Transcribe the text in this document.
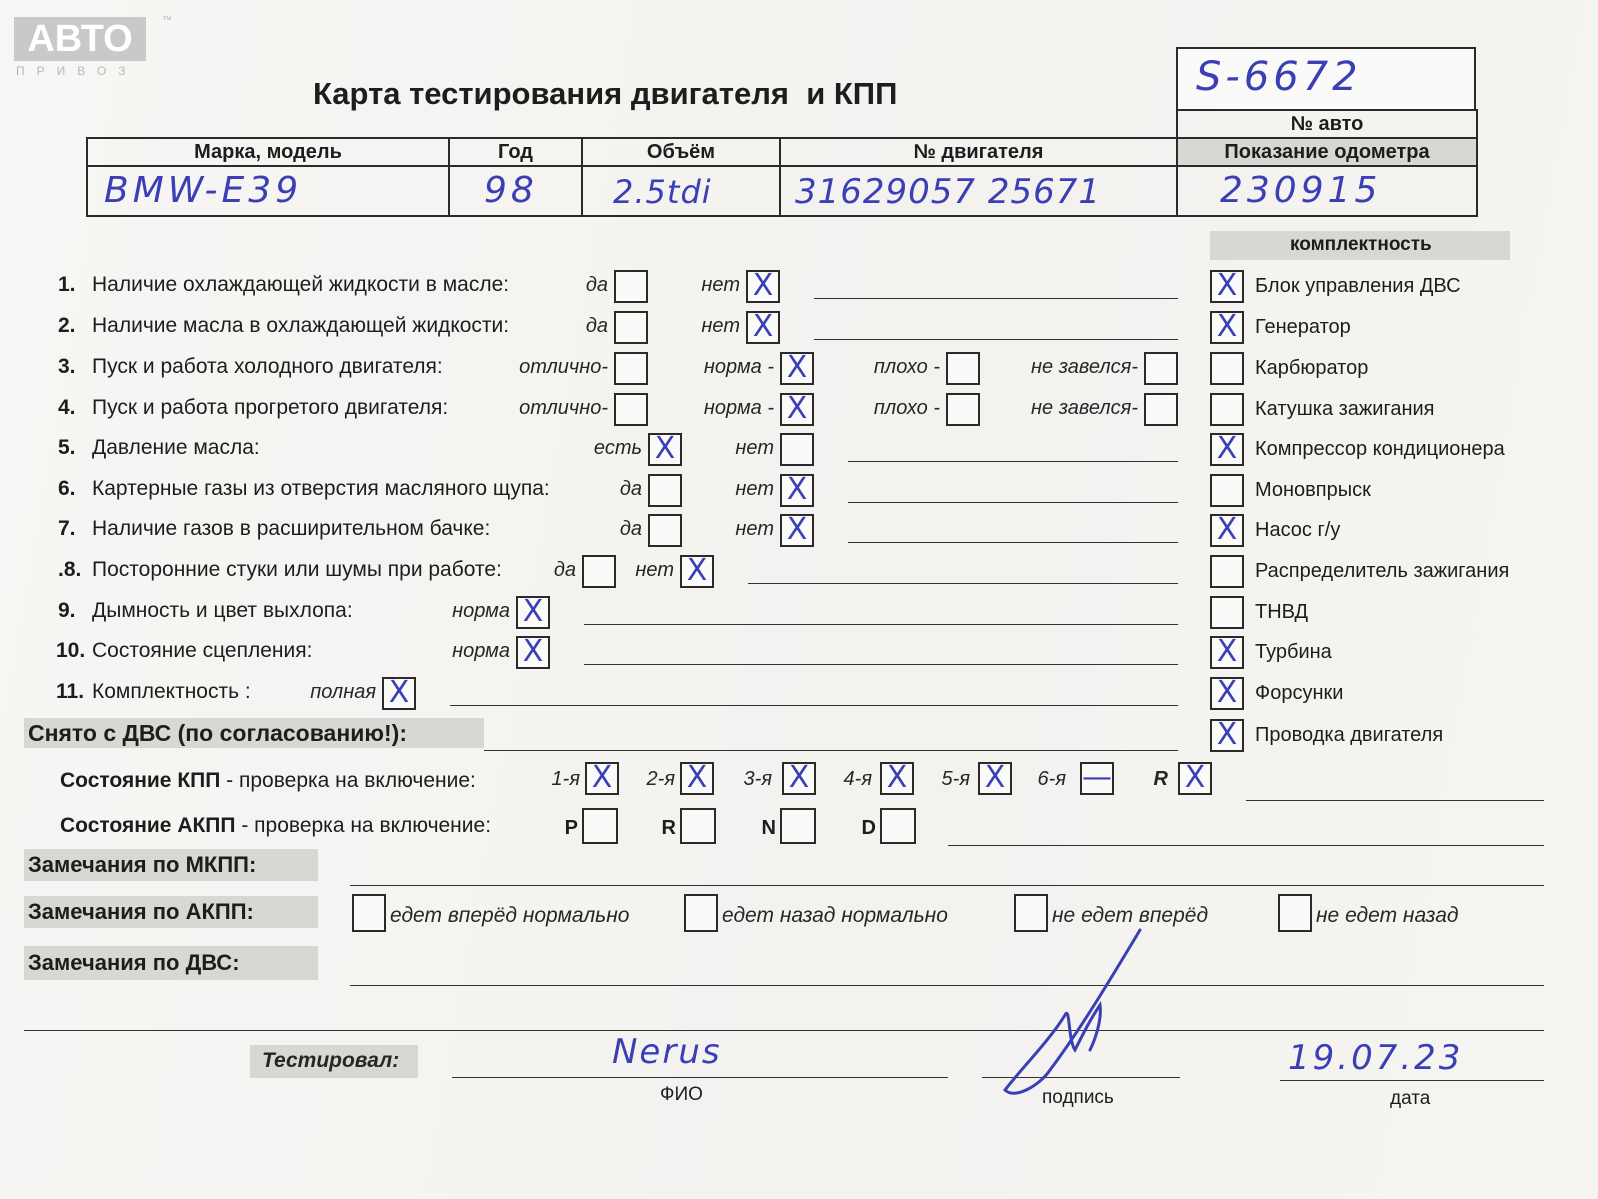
АВТО	™
ПРИВОЗ
Карта тестирования двигателя  и КПП	S-6672
				№ авто
Марка, модель	Год	Объём	№ двигателя	Показание одометра

BMW-E39	98	2.5tdi	31629057 25671	230915
комплектность
1. Наличие охлаждающей жидкости в масле:	да	нет X
2. Наличие масла в охлаждающей жидкости:	да	нет X
3. Пуск и работа холодного двигателя:	отлично-	норма - X	плохо -	не завелся-
4. Пуск и работа прогретого двигателя:	отлично-	норма - X	плохо -	не завелся-
5. Давление масла:	есть X	нет
6. Картерные газы из отверстия масляного щупа:	да	нет X
7. Наличие газов в расширительном бачке:	да	нет X
.8. Посторонние стуки или шумы при работе:	да	нет X
9. Дымность и цвет выхлопа:	норма X
10. Состояние сцепления:	норма X
11. Комплектность :	полная X
X Блок управления ДВС
X Генератор
Карбюратор
Катушка зажигания
X Компрессор кондиционера
Моновпрыск
X Насос г/у
Распределитель зажигания
ТНВД
X Турбина
X Форсунки
X Проводка двигателя
Снято с ДВС (по согласованию!):
Состояние КПП - проверка на включение:	1-я X	2-я X	3-я X	4-я X	5-я X	6-я — R X
Состояние АКПП - проверка на включение:	P	R	N	D
Замечания по МКПП:
Замечания по АКПП:	едет вперёд нормально	едет назад нормально	не едет вперёд	не едет назад
Замечания по ДВС:
Тестировал:	Nerus
ФИО	подпись	дата
19.07.23
